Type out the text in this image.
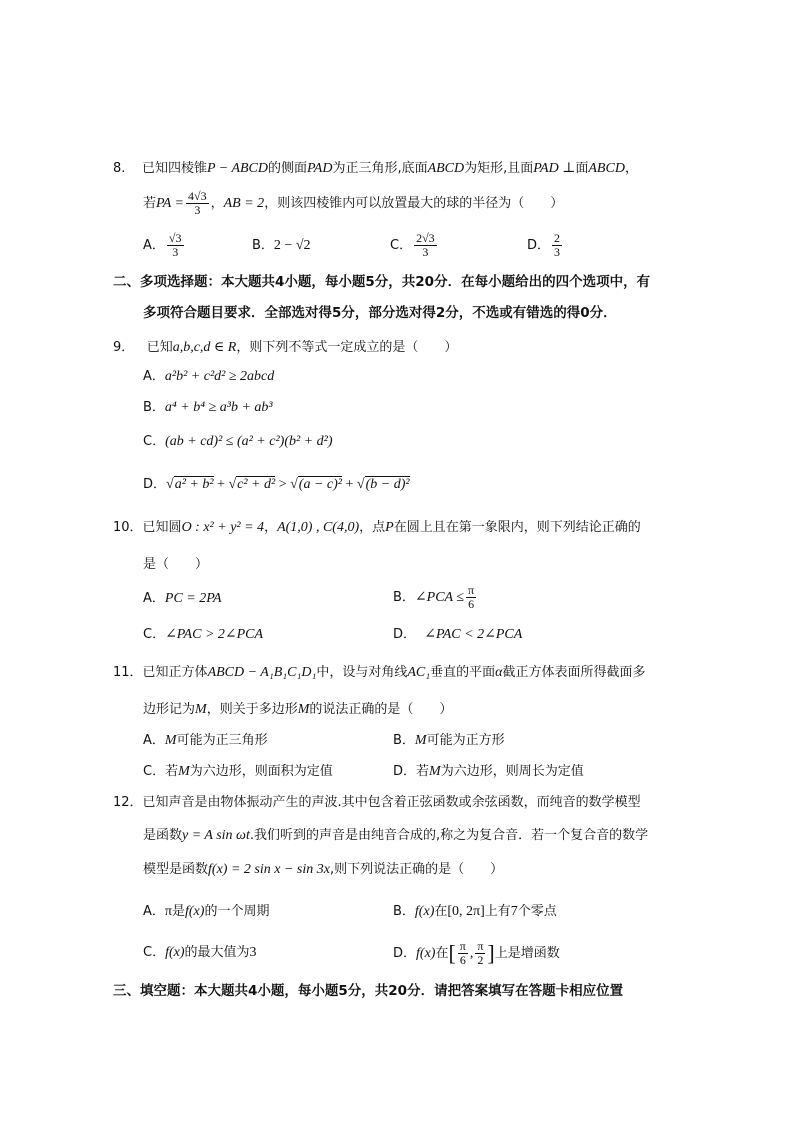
8. 已知四棱锥P − ABCD的侧面PAD为正三角形,底面ABCD为矩形,且面PAD ⊥面ABCD，
若PA = $\frac{4√3}{3}$ ，AB = 2，则该四棱锥内可以放置最大的球的半径为（　　）
A． $\frac{√3}{3}$	B．2 − √2	C． $\frac{2√3}{3}$	D． $\frac{2}{3}$
二、多项选择题：本大题共4小题，每小题5分，共20分．在每小题给出的四个选项中，有
多项符合题目要求．全部选对得5分，部分选对得2分，不选或有错选的得0分．
9． 已知a,b,c,d ∈ R，则下列不等式一定成立的是（　　）
A．a²b² + c²d² ≥ 2abcd
B．a⁴ + b⁴ ≥ a³b + ab³
C．(ab + cd)² ≤ (a² + c²)(b² + d²)
D．√a² + b² + √c² + d² > √(a − c)² + √(b − d)²
10．已知圆O : x² + y² = 4，A(1,0) , C(4,0)，点P在圆上且在第一象限内，则下列结论正确的
是（　　）
A．PC = 2PA	B．∠PCA ≤ $\frac{\pi}{6}$
C．∠PAC > 2∠PCA	D． ∠PAC < 2∠PCA
11．已知正方体ABCD − A₁B₁C₁D₁中，设与对角线AC₁垂直的平面α截正方体表面所得截面多
边形记为M，则关于多边形M的说法正确的是（　　）
A．M可能为正三角形	B．M可能为正方形
C．若M为六边形，则面积为定值	D．若M为六边形，则周长为定值
12．已知声音是由物体振动产生的声波.其中包含着正弦函数或余弦函数，而纯音的数学模型
是函数y = A sin ωt.我们听到的声音是由纯音合成的,称之为复合音．若一个复合音的数学
模型是函数f(x) = 2 sin x − sin 3x,则下列说法正确的是（　　）
A．π是f(x)的一个周期	B．f(x)在[0, 2π]上有7个零点
C．f(x)的最大值为3	D．f(x)在[ $\frac{\pi}{6}$ , $\frac{\pi}{2}$ ]上是增函数
三、填空题：本大题共4小题，每小题5分，共20分．请把答案填写在答题卡相应位置
